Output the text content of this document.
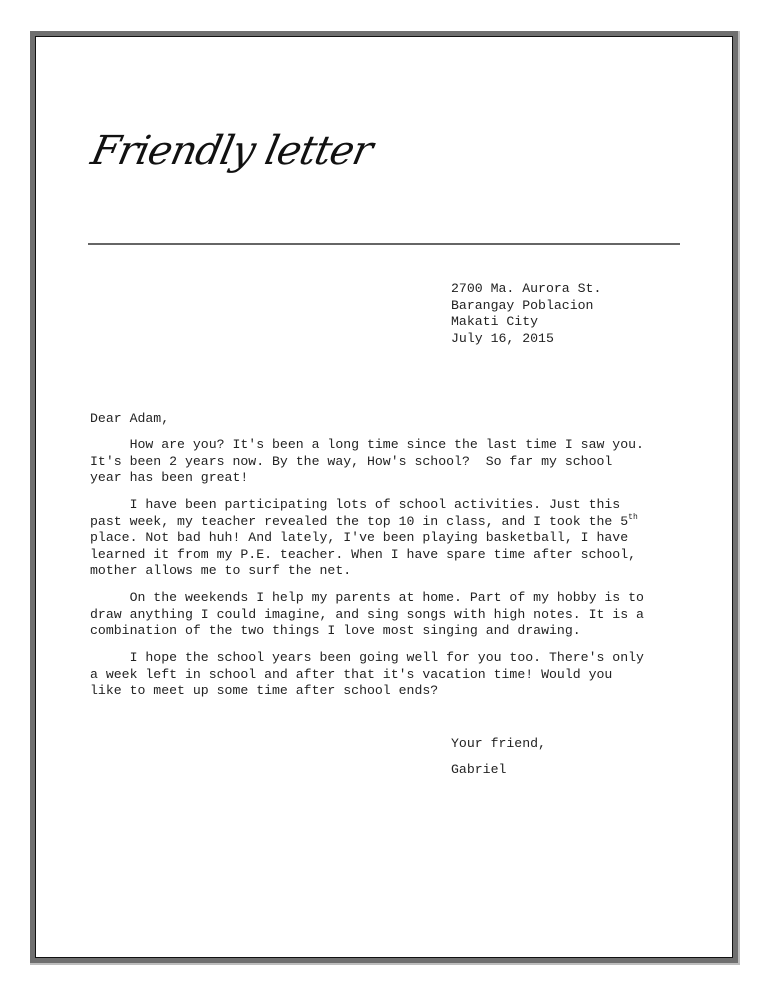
Friendly letter
2700 Ma. Aurora St.
Barangay Poblacion
Makati City
July 16, 2015
Dear Adam,
How are you? It's been a long time since the last time I saw you.
It's been 2 years now. By the way, How's school?  So far my school
year has been great!
I have been participating lots of school activities. Just this
past week, my teacher revealed the top 10 in class, and I took the 5th
place. Not bad huh! And lately, I've been playing basketball, I have
learned it from my P.E. teacher. When I have spare time after school,
mother allows me to surf the net.
On the weekends I help my parents at home. Part of my hobby is to
draw anything I could imagine, and sing songs with high notes. It is a
combination of the two things I love most singing and drawing.
I hope the school years been going well for you too. There's only
a week left in school and after that it's vacation time! Would you
like to meet up some time after school ends?
Your friend,
Gabriel
